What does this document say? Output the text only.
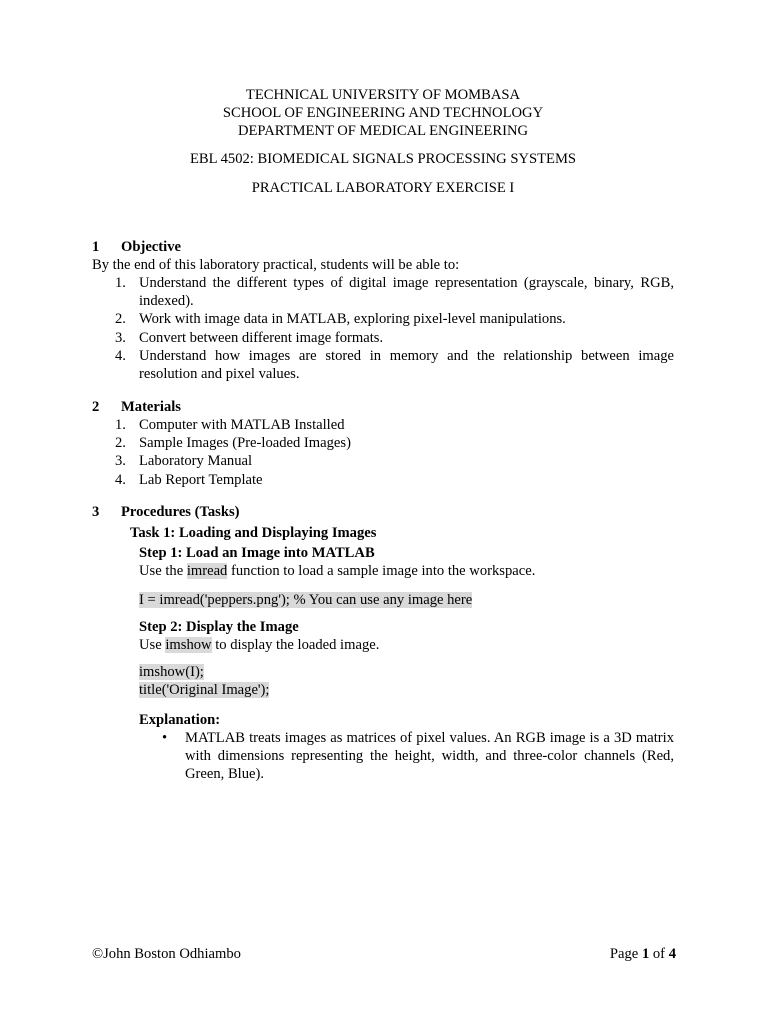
TECHNICAL UNIVERSITY OF MOMBASA
SCHOOL OF ENGINEERING AND TECHNOLOGY
DEPARTMENT OF MEDICAL ENGINEERING
EBL 4502: BIOMEDICAL SIGNALS PROCESSING SYSTEMS
PRACTICAL LABORATORY EXERCISE I
1 Objective
By the end of this laboratory practical, students will be able to:
1. Understand the different types of digital image representation (grayscale, binary, RGB, indexed).
2. Work with image data in MATLAB, exploring pixel-level manipulations.
3. Convert between different image formats.
4. Understand how images are stored in memory and the relationship between image resolution and pixel values.
2 Materials
1. Computer with MATLAB Installed
2. Sample Images (Pre-loaded Images)
3. Laboratory Manual
4. Lab Report Template
3 Procedures (Tasks)
Task 1: Loading and Displaying Images
Step 1: Load an Image into MATLAB
Use the imread function to load a sample image into the workspace.
I = imread('peppers.png'); % You can use any image here
Step 2: Display the Image
Use imshow to display the loaded image.
imshow(I);
title('Original Image');
Explanation:
• MATLAB treats images as matrices of pixel values. An RGB image is a 3D matrix with dimensions representing the height, width, and three-color channels (Red, Green, Blue).
©John Boston Odhiambo	Page 1 of 4
